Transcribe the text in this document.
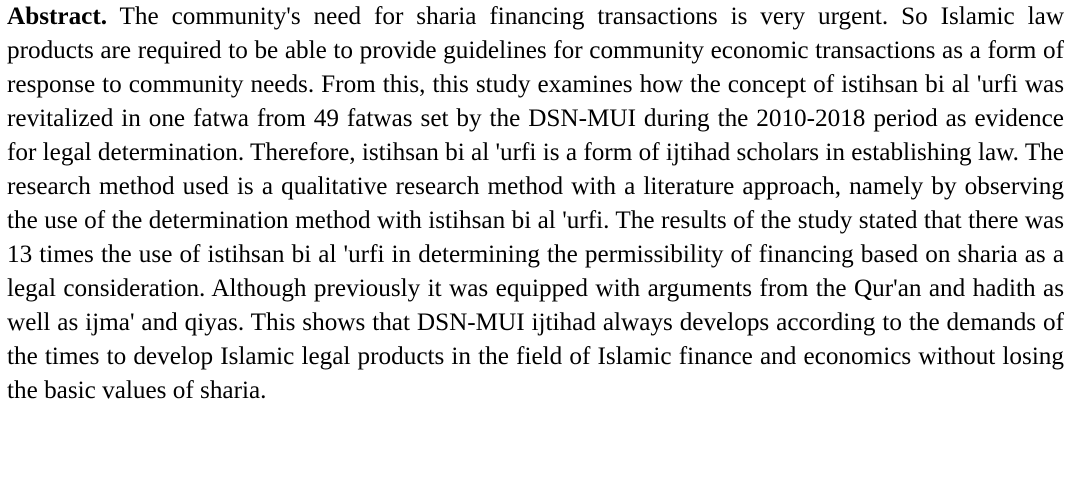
Abstract. The community's need for sharia financing transactions is very urgent. So Islamic law products are required to be able to provide guidelines for community economic transactions as a form of response to community needs. From this, this study examines how the concept of istihsan bi al 'urfi was revitalized in one fatwa from 49 fatwas set by the DSN-MUI during the 2010-2018 period as evidence for legal determination. Therefore, istihsan bi al 'urfi is a form of ijtihad scholars in establishing law. The research method used is a qualitative research method with a literature approach, namely by observing the use of the determination method with istihsan bi al 'urfi. The results of the study stated that there was 13 times the use of istihsan bi al 'urfi in determining the permissibility of financing based on sharia as a legal consideration. Although previously it was equipped with arguments from the Qur'an and hadith as well as ijma' and qiyas. This shows that DSN-MUI ijtihad always develops according to the demands of the times to develop Islamic legal products in the field of Islamic finance and economics without losing the basic values of sharia.
